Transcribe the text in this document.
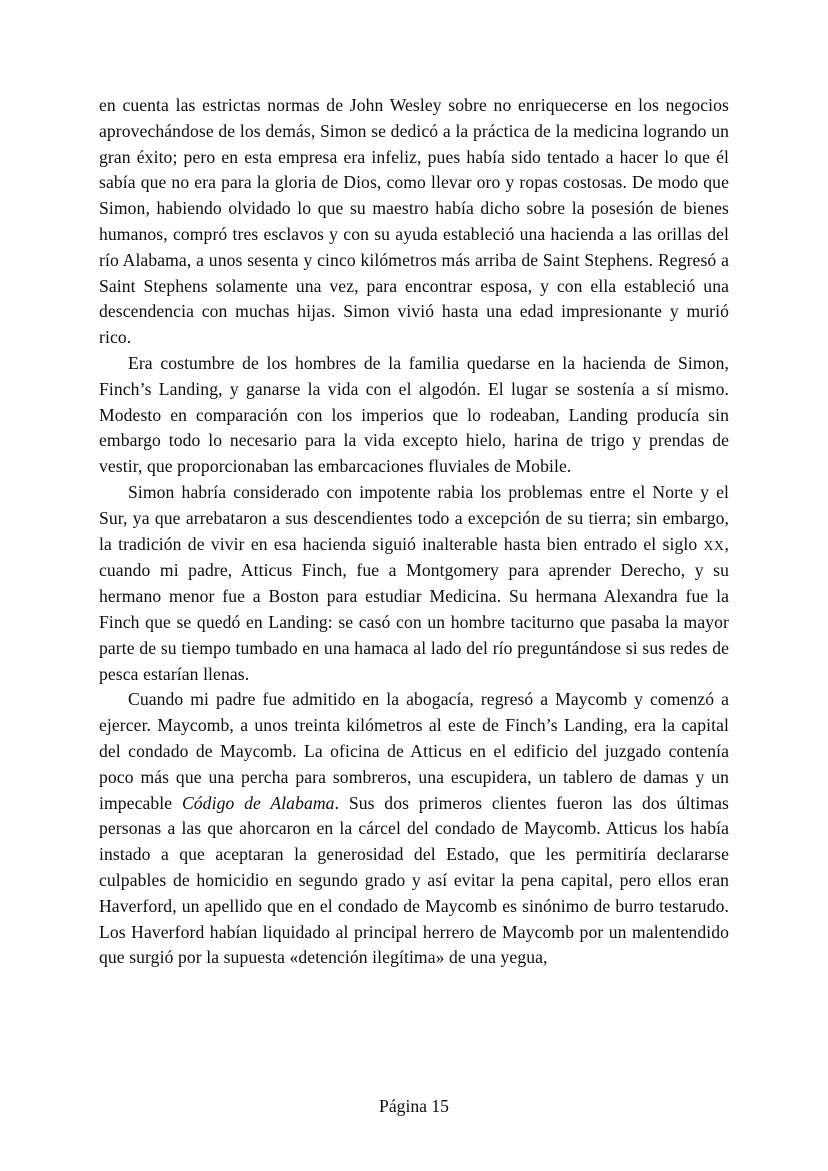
en cuenta las estrictas normas de John Wesley sobre no enriquecerse en los negocios aprovechándose de los demás, Simon se dedicó a la práctica de la medicina logrando un gran éxito; pero en esta empresa era infeliz, pues había sido tentado a hacer lo que él sabía que no era para la gloria de Dios, como llevar oro y ropas costosas. De modo que Simon, habiendo olvidado lo que su maestro había dicho sobre la posesión de bienes humanos, compró tres esclavos y con su ayuda estableció una hacienda a las orillas del río Alabama, a unos sesenta y cinco kilómetros más arriba de Saint Stephens. Regresó a Saint Stephens solamente una vez, para encontrar esposa, y con ella estableció una descendencia con muchas hijas. Simon vivió hasta una edad impresionante y murió rico.

Era costumbre de los hombres de la familia quedarse en la hacienda de Simon, Finch’s Landing, y ganarse la vida con el algodón. El lugar se sostenía a sí mismo. Modesto en comparación con los imperios que lo rodeaban, Landing producía sin embargo todo lo necesario para la vida excepto hielo, harina de trigo y prendas de vestir, que proporcionaban las embarcaciones fluviales de Mobile.

Simon habría considerado con impotente rabia los problemas entre el Norte y el Sur, ya que arrebataron a sus descendientes todo a excepción de su tierra; sin embargo, la tradición de vivir en esa hacienda siguió inalterable hasta bien entrado el siglo XX, cuando mi padre, Atticus Finch, fue a Montgomery para aprender Derecho, y su hermano menor fue a Boston para estudiar Medicina. Su hermana Alexandra fue la Finch que se quedó en Landing: se casó con un hombre taciturno que pasaba la mayor parte de su tiempo tumbado en una hamaca al lado del río preguntándose si sus redes de pesca estarían llenas.

Cuando mi padre fue admitido en la abogacía, regresó a Maycomb y comenzó a ejercer. Maycomb, a unos treinta kilómetros al este de Finch’s Landing, era la capital del condado de Maycomb. La oficina de Atticus en el edificio del juzgado contenía poco más que una percha para sombreros, una escupidera, un tablero de damas y un impecable Código de Alabama. Sus dos primeros clientes fueron las dos últimas personas a las que ahorcaron en la cárcel del condado de Maycomb. Atticus los había instado a que aceptaran la generosidad del Estado, que les permitiría declararse culpables de homicidio en segundo grado y así evitar la pena capital, pero ellos eran Haverford, un apellido que en el condado de Maycomb es sinónimo de burro testarudo. Los Haverford habían liquidado al principal herrero de Maycomb por un malentendido que surgió por la supuesta «detención ilegítima» de una yegua,

Página 15
